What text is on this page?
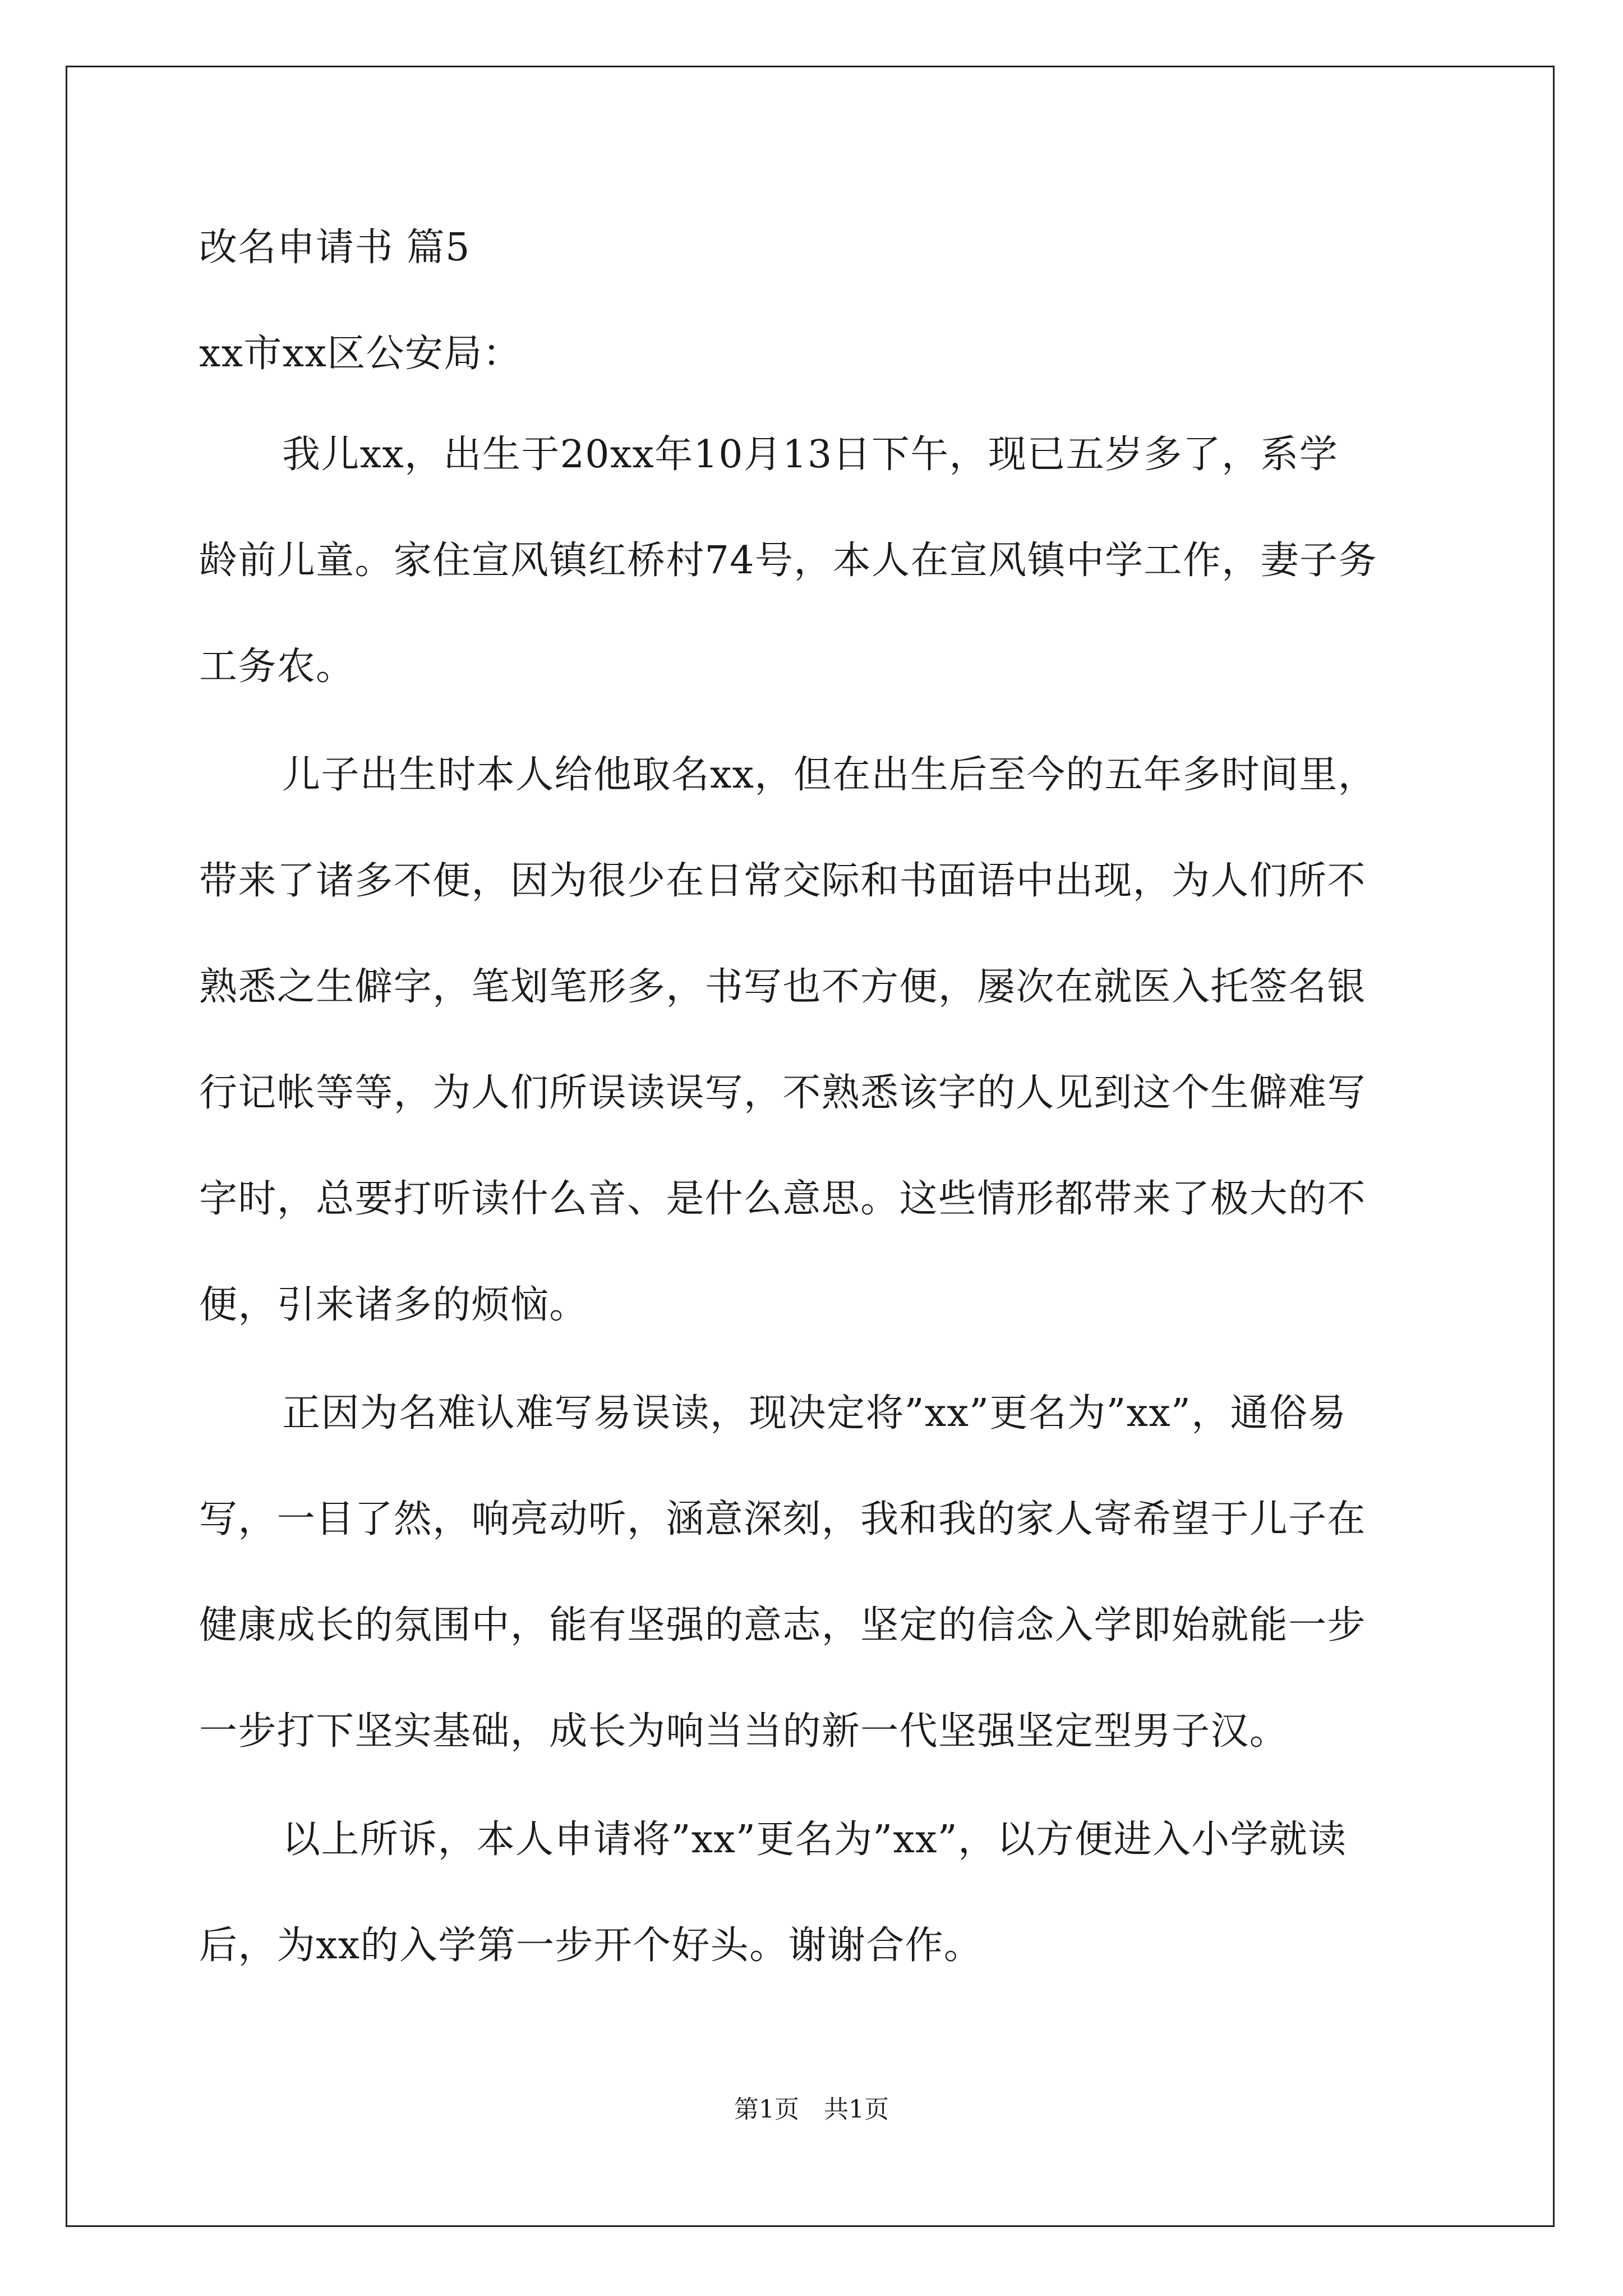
改名申请书 篇5

xx市xx区公安局：

我儿xx，出生于20xx年10月13日下午，现已五岁多了，系学

龄前儿童。家住宣风镇红桥村74号，本人在宣风镇中学工作，妻子务

工务农。

儿子出生时本人给他取名xx，但在出生后至今的五年多时间里，

带来了诸多不便，因为很少在日常交际和书面语中出现，为人们所不

熟悉之生僻字，笔划笔形多，书写也不方便，屡次在就医入托签名银

行记帐等等，为人们所误读误写，不熟悉该字的人见到这个生僻难写

字时，总要打听读什么音、是什么意思。这些情形都带来了极大的不

便，引来诸多的烦恼。

正因为名难认难写易误读，现决定将”xx”更名为”xx”，通俗易

写，一目了然，响亮动听，涵意深刻，我和我的家人寄希望于儿子在

健康成长的氛围中，能有坚强的意志，坚定的信念入学即始就能一步

一步打下坚实基础，成长为响当当的新一代坚强坚定型男子汉。

以上所诉，本人申请将”xx”更名为”xx”，以方便进入小学就读

后，为xx的入学第一步开个好头。谢谢合作。

第1页　共1页
